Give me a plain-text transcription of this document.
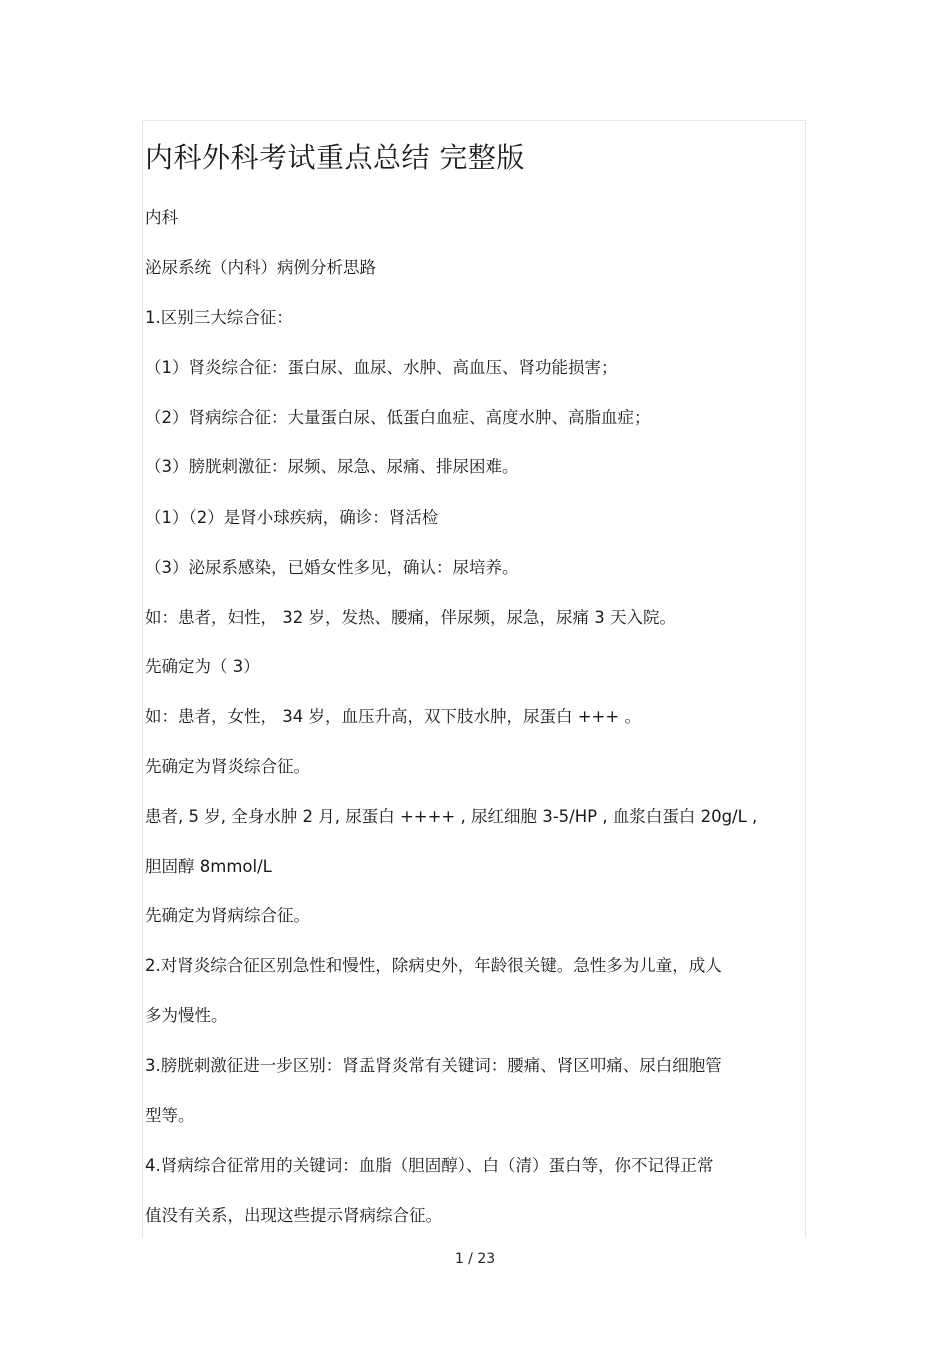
内科外科考试重点总结 完整版
内科
泌尿系统（内科）病例分析思路
1.区别三大综合征：
（1）肾炎综合征：蛋白尿、血尿、水肿、高血压、肾功能损害；
（2）肾病综合征：大量蛋白尿、低蛋白血症、高度水肿、高脂血症；
（3）膀胱刺激征：尿频、尿急、尿痛、排尿困难。
（1）（2）是肾小球疾病，确诊：肾活检
（3）泌尿系感染，已婚女性多见，确认：尿培养。
如：患者，妇性， 32 岁，发热、腰痛，伴尿频，尿急，尿痛 3 天入院。
先确定为（ 3）
如：患者，女性， 34 岁，血压升高，双下肢水肿，尿蛋白 +++ 。
先确定为肾炎综合征。
患者, 5 岁, 全身水肿 2 月, 尿蛋白 ++++ , 尿红细胞 3-5/HP , 血浆白蛋白 20g/L ,
胆固醇 8mmol/L
先确定为肾病综合征。
2.对肾炎综合征区别急性和慢性，除病史外，年龄很关键。急性多为儿童，成人
多为慢性。
3.膀胱刺激征进一步区别：肾盂肾炎常有关键词：腰痛、肾区叩痛、尿白细胞管
型等。
4.肾病综合征常用的关键词：血脂（胆固醇）、白（清）蛋白等，你不记得正常
值没有关系，出现这些提示肾病综合征。
1 / 23
